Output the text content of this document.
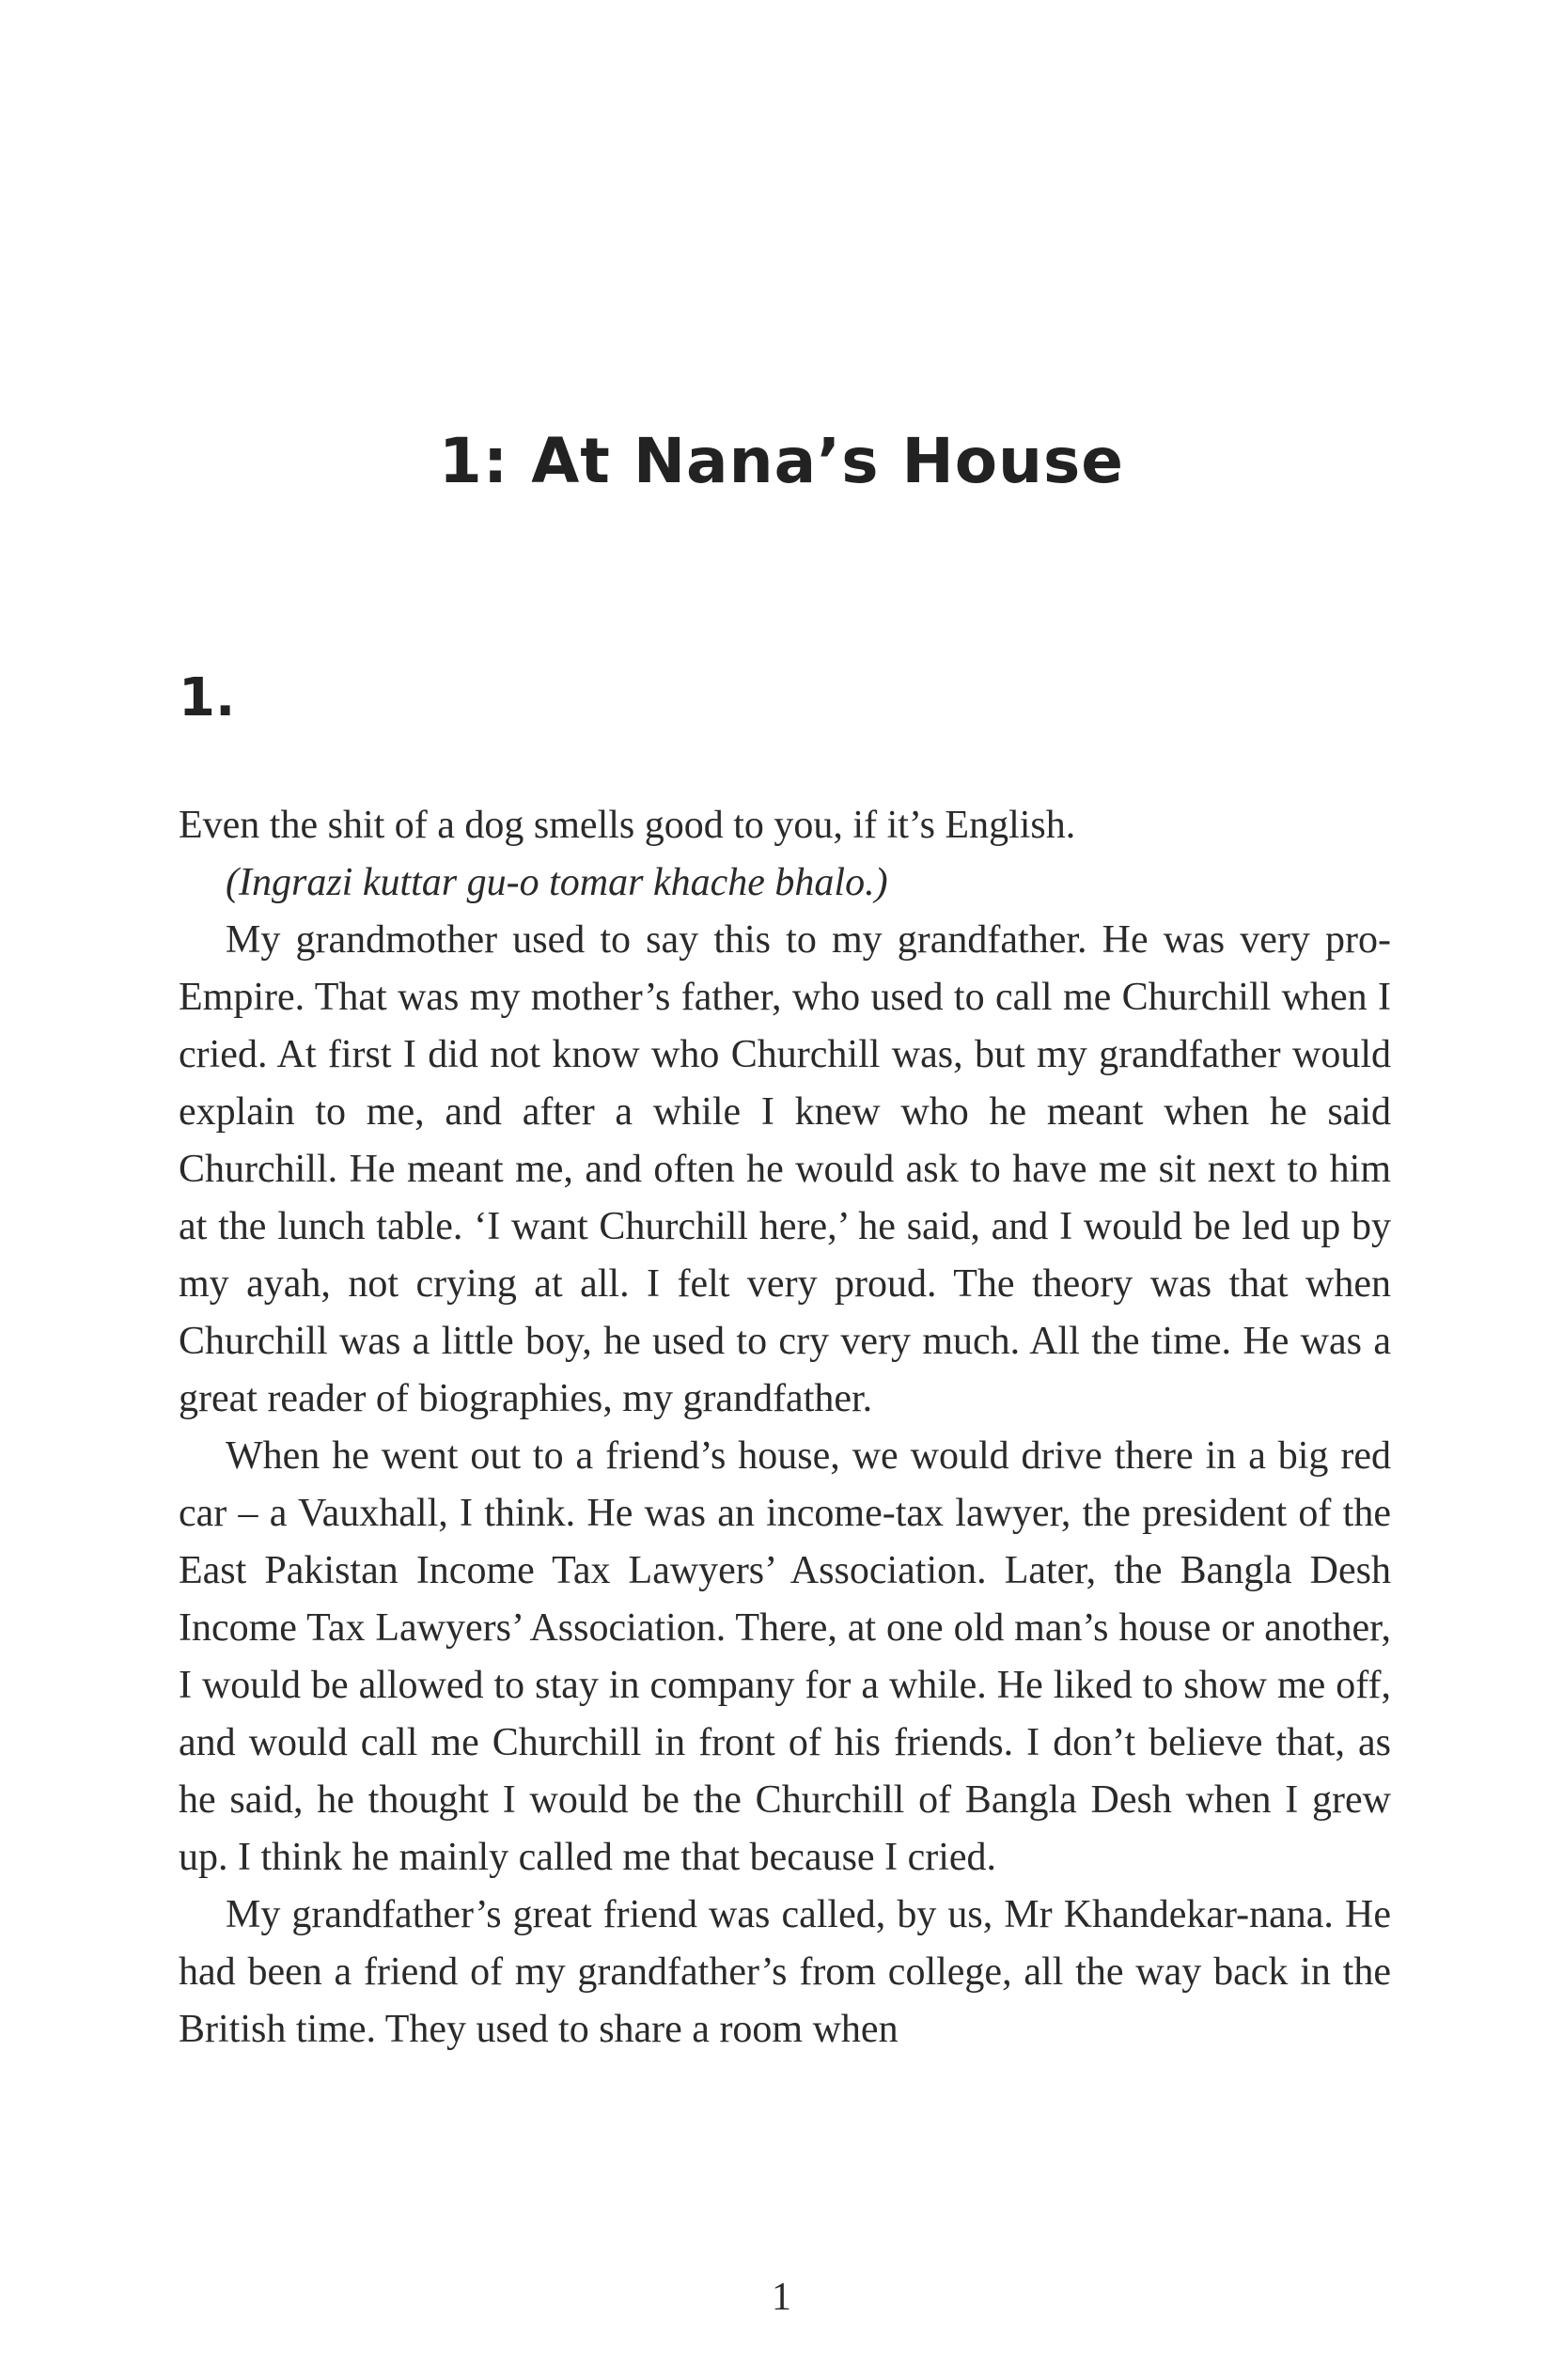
1: At Nana’s House
1.

Even the shit of a dog smells good to you, if it’s English.

(Ingrazi kuttar gu-o tomar khache bhalo.)

My grandmother used to say this to my grandfather. He was very pro-Empire. That was my mother’s father, who used to call me Churchill when I cried. At first I did not know who Churchill was, but my grandfather would explain to me, and after a while I knew who he meant when he said Churchill. He meant me, and often he would ask to have me sit next to him at the lunch table. ‘I want Churchill here,’ he said, and I would be led up by my ayah, not crying at all. I felt very proud. The theory was that when Churchill was a little boy, he used to cry very much. All the time. He was a great reader of biographies, my grandfather.

When he went out to a friend’s house, we would drive there in a big red car – a Vauxhall, I think. He was an income-tax lawyer, the president of the East Pakistan Income Tax Lawyers’ Association. Later, the Bangla Desh Income Tax Lawyers’ Association. There, at one old man’s house or another, I would be allowed to stay in company for a while. He liked to show me off, and would call me Churchill in front of his friends. I don’t believe that, as he said, he thought I would be the Churchill of Bangla Desh when I grew up. I think he mainly called me that because I cried.

My grandfather’s great friend was called, by us, Mr Khandekar-nana. He had been a friend of my grandfather’s from college, all the way back in the British time. They used to share a room when

1
